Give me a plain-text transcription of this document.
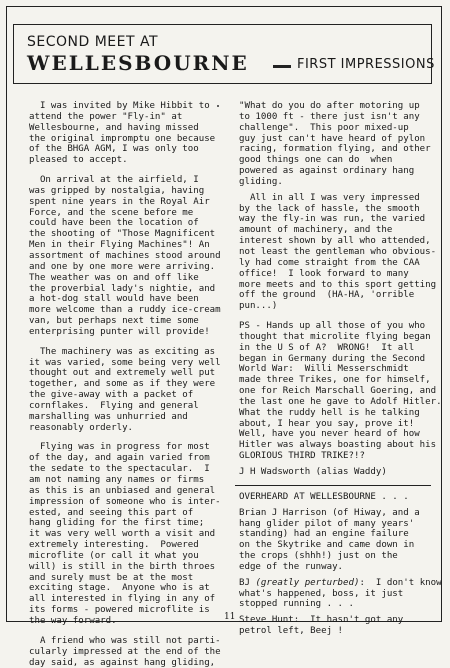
SECOND MEET AT
WELLESBOURNE	FIRST IMPRESSIONS
I was invited by Mike Hibbit to
attend the power "Fly-in" at
Wellesbourne, and having missed
the original impromptu one because
of the BHGA AGM, I was only too
pleased to accept.
On arrival at the airfield, I
was gripped by nostalgia, having
spent nine years in the Royal Air
Force, and the scene before me
could have been the location of
the shooting of "Those Magnificent
Men in their Flying Machines"! An
assortment of machines stood around
and one by one more were arriving.
The weather was on and off like
the proverbial lady's nightie, and
a hot-dog stall would have been
more welcome than a ruddy ice-cream
van, but perhaps next time some
enterprising punter will provide!
The machinery was as exciting as
it was varied, some being very well
thought out and extremely well put
together, and some as if they were
the give-away with a packet of
cornflakes.  Flying and general
marshalling was unhurried and
reasonably orderly.
Flying was in progress for most
of the day, and again varied from
the sedate to the spectacular.  I
am not naming any names or firms
as this is an unbiased and general
impression of someone who is inter-
ested, and seeing this part of
hang gliding for the first time;
it was very well worth a visit and
extremely interesting.  Powered
microflite (or call it what you
will) is still in the birth throes
and surely must be at the most
exciting stage.  Anyone who is at
all interested in flying in any of
its forms - powered microflite is
the way forward.
A friend who was still not parti-
cularly impressed at the end of the
day said, as against hang gliding,
"What do you do after motoring up
to 1000 ft - there just isn't any
challenge".  This poor mixed-up
guy just can't have heard of pylon
racing, formation flying, and other
good things one can do  when
powered as against ordinary hang
gliding.
All in all I was very impressed
by the lack of hassle, the smooth
way the fly-in was run, the varied
amount of machinery, and the
interest shown by all who attended,
not least the gentleman who obvious-
ly had come straight from the CAA
office!  I look forward to many
more meets and to this sport getting
off the ground  (HA-HA, 'orrible
pun...)
PS - Hands up all those of you who
thought that microlite flying began
in the U S of A?  WRONG!  It all
began in Germany during the Second
World War:  Willi Messerschmidt
made three Trikes, one for himself,
one for Reich Marschall Goering, and
the last one he gave to Adolf Hitler.
What the ruddy hell is he talking
about, I hear you say, prove it!
Well, have you never heard of how
Hitler was always boasting about his
GLORIOUS THIRD TRIKE?!?
J H Wadsworth (alias Waddy)
OVERHEARD AT WELLESBOURNE . . .
Brian J Harrison (of Hiway, and a
hang glider pilot of many years'
standing) had an engine failure
on the Skytrike and came down in
the crops (shhh!) just on the
edge of the runway.
BJ (greatly perturbed):  I don't know
what's happened, boss, it just
stopped running . . .
Steve Hunt:  It hasn't got any
petrol left, Beej !
11
